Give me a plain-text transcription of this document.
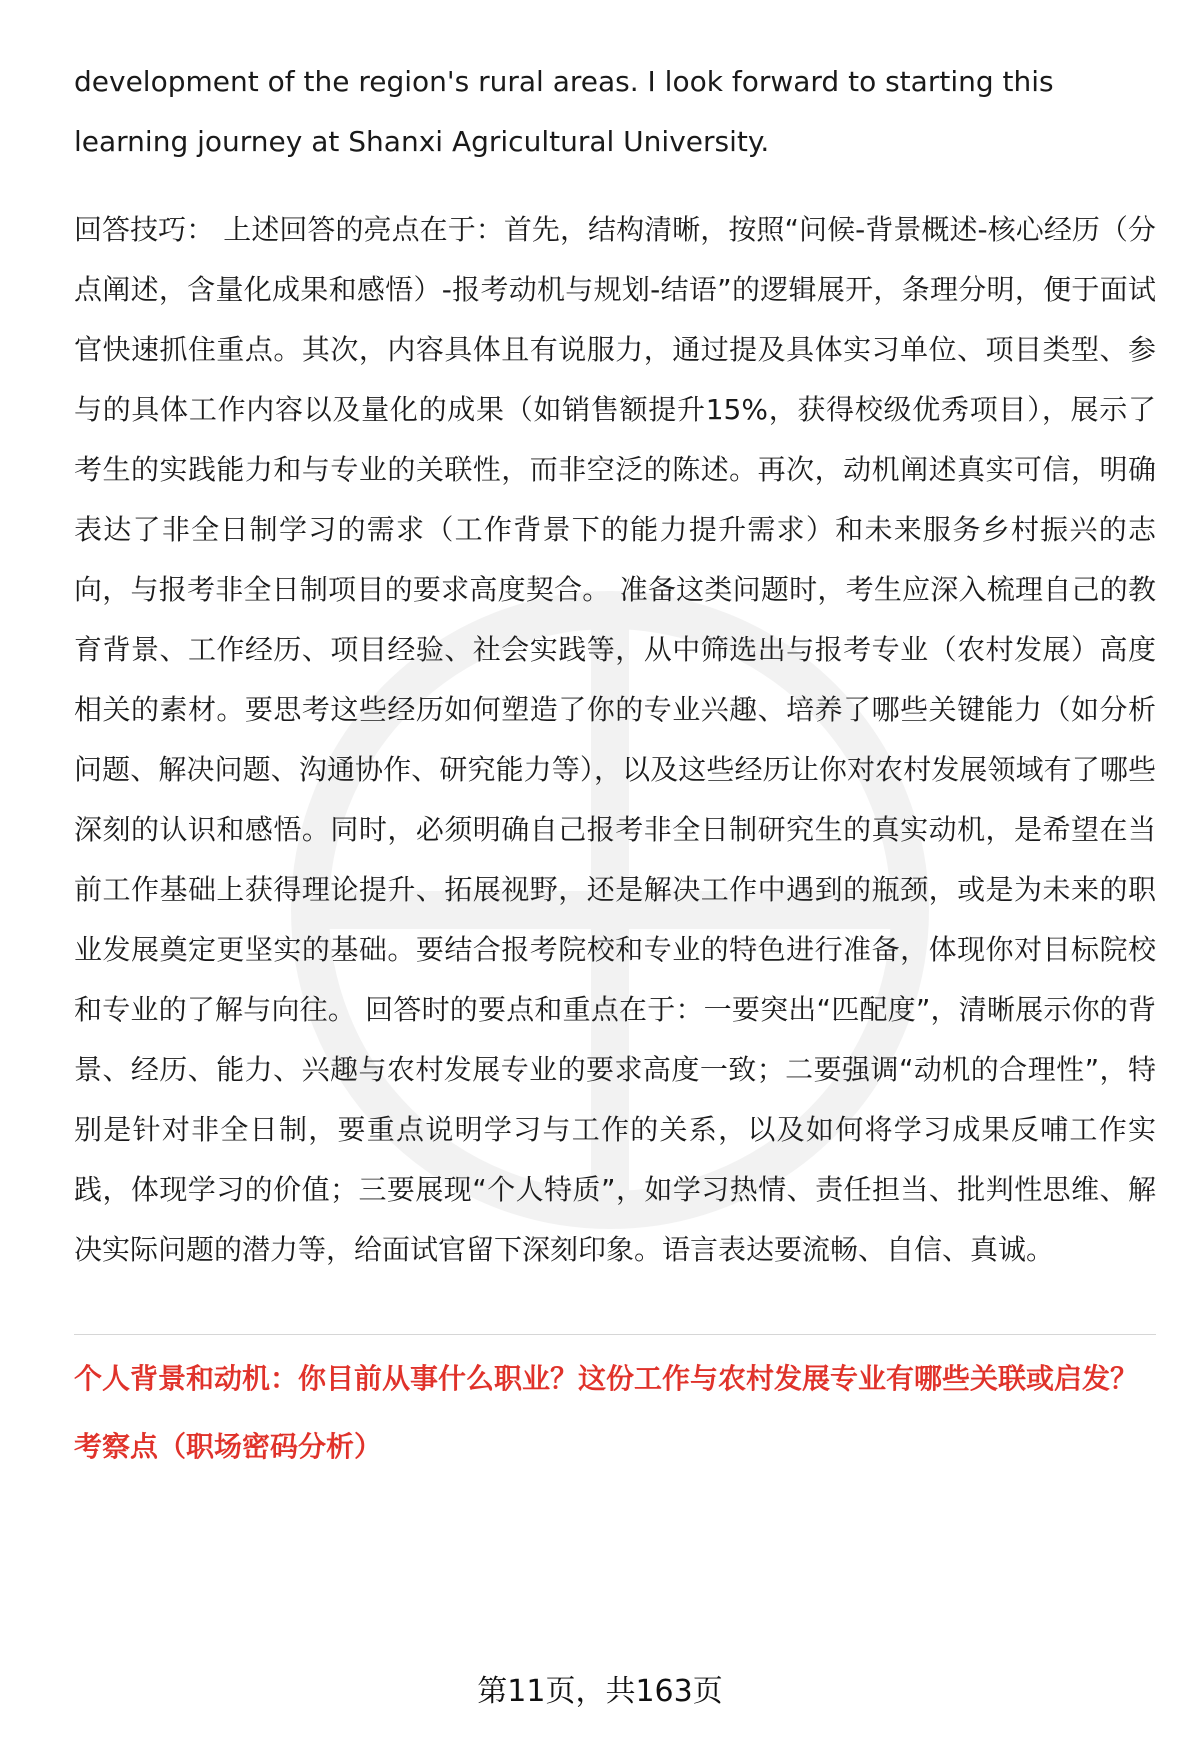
development of the region's rural areas. I look forward to starting this learning journey at Shanxi Agricultural University.

回答技巧： 上述回答的亮点在于：首先，结构清晰，按照“问候-背景概述-核心经历（分点阐述，含量化成果和感悟）-报考动机与规划-结语”的逻辑展开，条理分明，便于面试官快速抓住重点。其次，内容具体且有说服力，通过提及具体实习单位、项目类型、参与的具体工作内容以及量化的成果（如销售额提升15%，获得校级优秀项目），展示了考生的实践能力和与专业的关联性，而非空泛的陈述。再次，动机阐述真实可信，明确表达了非全日制学习的需求（工作背景下的能力提升需求）和未来服务乡村振兴的志向，与报考非全日制项目的要求高度契合。 准备这类问题时，考生应深入梳理自己的教育背景、工作经历、项目经验、社会实践等，从中筛选出与报考专业（农村发展）高度相关的素材。要思考这些经历如何塑造了你的专业兴趣、培养了哪些关键能力（如分析问题、解决问题、沟通协作、研究能力等），以及这些经历让你对农村发展领域有了哪些深刻的认识和感悟。同时，必须明确自己报考非全日制研究生的真实动机，是希望在当前工作基础上获得理论提升、拓展视野，还是解决工作中遇到的瓶颈，或是为未来的职业发展奠定更坚实的基础。要结合报考院校和专业的特色进行准备，体现你对目标院校和专业的了解与向往。 回答时的要点和重点在于：一要突出“匹配度”，清晰展示你的背景、经历、能力、兴趣与农村发展专业的要求高度一致；二要强调“动机的合理性”，特别是针对非全日制，要重点说明学习与工作的关系，以及如何将学习成果反哺工作实践，体现学习的价值；三要展现“个人特质”，如学习热情、责任担当、批判性思维、解决实际问题的潜力等，给面试官留下深刻印象。语言表达要流畅、自信、真诚。

个人背景和动机：你目前从事什么职业？这份工作与农村发展专业有哪些关联或启发？
考察点（职场密码分析）
第11页，共163页
